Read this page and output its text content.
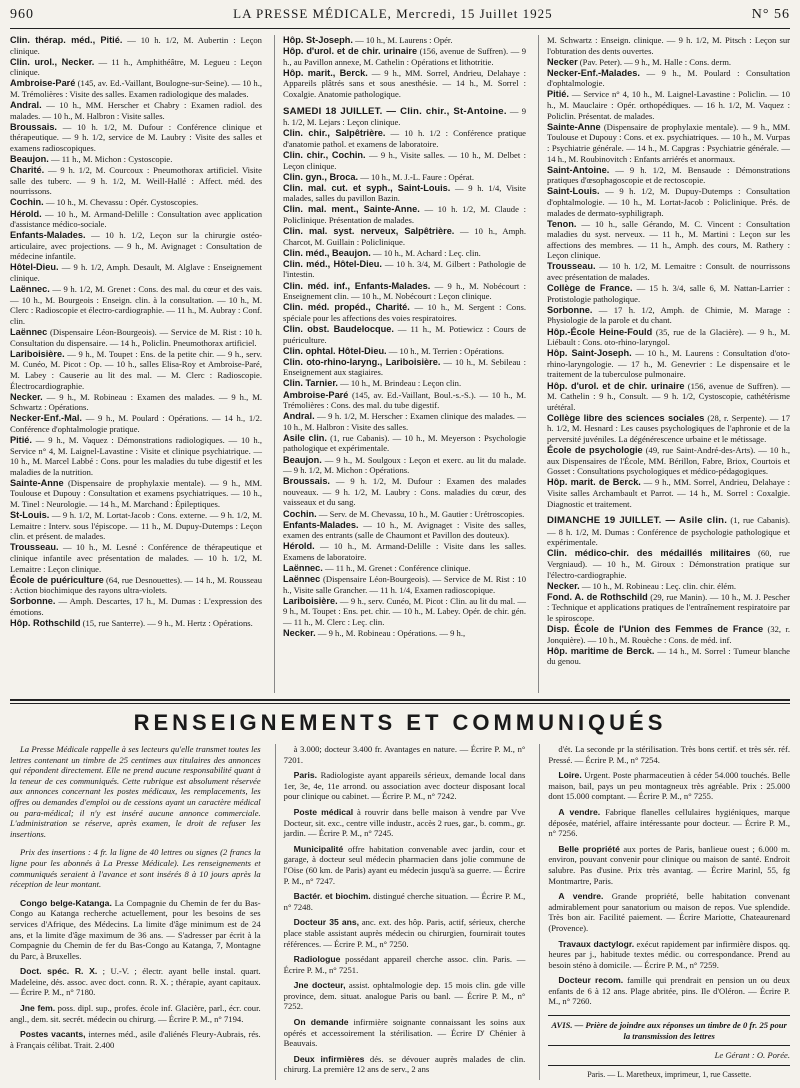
960	LA PRESSE MÉDICALE, Mercredi, 15 Juillet 1925	N° 56
Clin. thérap. méd., Pitié. — 10 h. 1/2, M. Aubertin : Leçon clinique.
Clin. urol., Necker. — 11 h., Amphithéâtre, M. Legueu : Leçon clinique.
Ambroise-Paré (145, av. Ed.-Vaillant, Boulogne-sur-Seine). — 10 h., M. Trémolières : Visite des salles. Examen radiologique des malades.
Andral. — 10 h., MM. Herscher et Chabry : Examen radiol. des malades. — 10 h., M. Halbron : Visite salles.
Broussais. — 10 h. 1/2, M. Dufour : Conférence clinique et thérapeutique. — 9 h. 1/2, service de M. Laubry : Visite des salles et examens radioscopiques.
Beaujon. — 11 h., M. Michon : Cystoscopie.
Charité. — 9 h. 1/2, M. Courcoux : Pneumothorax artificiel. Visite salle des tuberc. — 9 h. 1/2, M. Weill-Hallé : Affect. méd. des nourrissons.
Cochin. — 10 h., M. Chevassu : Opér. Cystoscopies.
Hérold. — 10 h., M. Armand-Delille : Consultation avec application d'assistance médico-sociale.
Enfants-Malades. — 10 h. 1/2, Leçon sur la chirurgie ostéo-articulaire, avec projections. — 9 h., M. Avignaget : Consultation de médecine infantile.
Hôtel-Dieu. — 9 h. 1/2, Amph. Desault, M. Alglave : Enseignement clinique.
Laënnec. — 9 h. 1/2, M. Grenet : Cons. des mal. du cœur et des vais. — 10 h., M. Bourgeois : Enseign. clin. à la consultation. — 10 h., M. Clerc : Radioscopie et électro-cardiographie. — 11 h., M. Aubray : Conf. clin.
Laënnec (Dispensaire Léon-Bourgeois). — Service de M. Rist : 10 h. Consultation du dispensaire. — 14 h., Policlin. Pneumothorax artificiel.
Lariboisière. — 9 h., M. Toupet : Ens. de la petite chir. — 9 h., serv. M. Cunéo, M. Picot : Op. — 10 h., salles Elisa-Roy et Ambroise-Paré, M. Labey : Causerie au lit des mal. — M. Clerc : Radioscopie. Électrocardiographie.
Necker. — 9 h., M. Robineau : Examen des malades. — 9 h., M. Schwartz : Opérations.
Necker-Enf.-Mal. — 9 h., M. Poulard : Opérations. — 14 h., 1/2. Conférence d'ophtalmologie pratique.
Pitié. — 9 h., M. Vaquez : Démonstrations radiologiques. — 10 h., Service n° 4, M. Laignel-Lavastine : Visite et clinique psychiatrique. — 10 h., M. Marcel Labbé : Cons. pour les maladies du tube digestif et les maladies de la nutrition.
Sainte-Anne (Dispensaire de prophylaxie mentale). — 9 h., MM. Toulouse et Dupouy : Consultation et examens psychiatriques. — 10 h., M. Tinel : Neurologie. — 14 h., M. Marchand : Épileptiques.
St-Louis. — 9 h. 1/2, M. Lortat-Jacob : Cons. externe. — 9 h. 1/2, M. Lemaitre : Interv. sous l'épiscope. — 11 h., M. Dupuy-Dutemps : Leçon clin. et présent. de malades.
Trousseau. — 10 h., M. Lesné : Conférence de thérapeutique et clinique infantile avec présentation de malades. — 10 h. 1/2, M. Lemaitre : Leçon clinique.
École de puériculture (64, rue Desnouettes). — 14 h., M. Rousseau : Action biochimique des rayons ultra-violets.
Sorbonne. — Amph. Descartes, 17 h., M. Dumas : L'expression des émotions.
Hôp. Rothschild (15, rue Santerre). — 9 h., M. Hertz : Opérations.
Hôp. St-Joseph. — 10 h., M. Laurens : Opér.
Hôp. d'urol. et de chir. urinaire (156, avenue de Suffren). — 9 h., au Pavillon annexe, M. Cathelin : Opérations et lithotritie.
Hôp. marit., Berck. — 9 h., MM. Sorrel, Andrieu, Delahaye : Appareils plâtrés sans et sous anesthésie. — 14 h., M. Sorrel : Coxalgie. Anatomie pathologique.
SAMEDI 18 JUILLET. — Clin. chir., St-Antoine. — 9 h. 1/2, M. Lejars : Leçon clinique.
Clin. chir., Salpêtrière. — 10 h. 1/2 : Conférence pratique d'anatomie pathol. et examens de laboratoire.
Clin. chir., Cochin. — 9 h., Visite salles. — 10 h., M. Delbet : Leçon clinique.
Clin. gyn., Broca. — 10 h., M. J.-L. Faure : Opérat.
Clin. mal. cut. et syph., Saint-Louis. — 9 h. 1/4, Visite malades, salles du pavillon Bazin.
Clin. mal. ment., Sainte-Anne. — 10 h. 1/2, M. Claude : Policlinique. Présentation de malades.
Clin. mal. syst. nerveux, Salpêtrière. — 10 h., Amph. Charcot, M. Guillain : Policlinique.
Clin. méd., Beaujon. — 10 h., M. Achard : Leç. clin.
Clin. méd., Hôtel-Dieu. — 10 h. 3/4, M. Gilbert : Pathologie de l'intestin.
Clin. méd. inf., Enfants-Malades. — 9 h., M. Nobécourt : Enseignement clin. — 10 h., M. Nobécourt : Leçon clinique.
Clin. méd. propéd., Charité. — 10 h., M. Sergent : Cons. spéciale pour les affections des voies respiratoires.
Clin. obst. Baudelocque. — 11 h., M. Potiewicz : Cours de puériculture.
Clin. ophtal. Hôtel-Dieu. — 10 h., M. Terrien : Opérations.
Clin. oto-rhino-laryng., Lariboisière. — 10 h., M. Sebileau : Enseignement aux stagiaires.
Clin. Tarnier. — 10 h., M. Brindeau : Leçon clin.
Ambroise-Paré (145, av. Ed.-Vaillant, Boul.-s.-S.). — 10 h., M. Trémolières : Cons. des mal. du tube digestif.
Andral. — 9 h. 1/2, M. Herscher : Examen clinique des malades. — 10 h., M. Halbron : Visite des salles.
Asile clin. (1, rue Cabanis). — 10 h., M. Meyerson : Psychologie pathologique et expérimentale.
Beaujon. — 9 h., M. Soulgoux : Leçon et exerc. au lit du malade. — 9 h. 1/2, M. Michon : Opérations.
Broussais. — 9 h. 1/2, M. Dufour : Examen des malades nouveaux. — 9 h. 1/2, M. Laubry : Cons. maladies du cœur, des vaisseaux et du sang.
Cochin. — Serv. de M. Chevassu, 10 h., M. Gautier : Urétroscopies.
Enfants-Malades. — 10 h., M. Avignaget : Visite des salles, examen des entrants (salle de Chaumont et Pavillon des douteux).
Hérold. — 10 h., M. Armand-Delille : Visite dans les salles. Examens de laboratoire.
Laënnec. — 11 h., M. Grenet : Conférence clinique.
Laënnec (Dispensaire Léon-Bourgeois). — Service de M. Rist : 10 h., Visite salle Grancher. — 11 h. 1/4, Examen radioscopique.
Lariboisière. — 9 h., serv. Cunéo, M. Picot : Clin. au lit du mal. — 9 h., M. Toupet : Ens. pet. chir. — 10 h., M. Labey. Opér. de chir. gén. — 11 h., M. Clerc : Leç. clin.
Necker. — 9 h., M. Robineau : Opérations. — 9 h.,
M. Schwartz : Enseign. clinique. — 9 h. 1/2, M. Pitsch : Leçon sur l'obturation des dents ouvertes.
Necker (Pav. Peter). — 9 h., M. Halle : Cons. derm.
Necker-Enf.-Malades. — 9 h., M. Poulard : Consultation d'ophtalmologie.
Pitié. — Service n° 4, 10 h., M. Laignel-Lavastine : Policlin. — 10 h., M. Mauclaire : Opér. orthopédiques. — 16 h. 1/2, M. Vaquez : Policlin. Présentat. de malades.
Sainte-Anne (Dispensaire de prophylaxie mentale). — 9 h., MM. Toulouse et Dupouy : Cons. et ex. psychiatriques. — 10 h., M. Vurpas : Psychiatrie générale. — 14 h., M. Capgras : Psychiatrie générale. — 14 h., M. Roubinovitch : Enfants arriérés et anormaux.
Saint-Antoine. — 9 h. 1/2, M. Bensaude : Démonstrations pratiques d'œsophagoscopie et de rectoscopie.
Saint-Louis. — 9 h. 1/2, M. Dupuy-Dutemps : Consultation d'ophtalmologie. — 10 h., M. Lortat-Jacob : Policlinique. Prés. de malades de dermato-syphiligraph.
Tenon. — 10 h., salle Gérando, M. C. Vincent : Consultation maladies du syst. nerveux. — 11 h., M. Martini : Leçon sur les affections des membres. — 11 h., Amph. des cours, M. Rathery : Leçon clinique.
Trousseau. — 10 h. 1/2, M. Lemaitre : Consult. de nourrissons avec présentation de malades.
Collège de France. — 15 h. 3/4, salle 6, M. Nattan-Larrier : Protistologie pathologique.
Sorbonne. — 17 h. 1/2, Amph. de Chimie, M. Marage : Physiologie de la parole et du chant.
Hôp.-École Heine-Fould (35, rue de la Glacière). — 9 h., M. Liébault : Cons. oto-rhino-laryngol.
Hôp. Saint-Joseph. — 10 h., M. Laurens : Consultation d'oto-rhino-laryngologie. — 17 h., M. Genevrier : Le dispensaire et le traitement de la tuberculose pulmonaire.
Hôp. d'urol. et de chir. urinaire (156, avenue de Suffren). — M. Cathelin : 9 h., Consult. — 9 h. 1/2, Cystoscopie, cathétérisme urétéral.
Collège libre des sciences sociales (28, r. Serpente). — 17 h. 1/2, M. Hesnard : Les causes psychologiques de l'aphronie et de la perversité juvéniles. La dégénérescence urbaine et le métissage.
École de psychologie (49, rue Saint-André-des-Arts). — 10 h., aux Dispensaires de l'École, MM. Bérillon, Fabre, Briox, Courtois et Gosset : Consultations psychologiques et médico-pédagogiques.
Hôp. marit. de Berck. — 9 h., MM. Sorrel, Andrieu, Delahaye : Visite salles Archambault et Parrot. — 14 h., M. Sorrel : Coxalgie. Diagnostic et traitement.
DIMANCHE 19 JUILLET. — Asile clin. (1, rue Cabanis). — 8 h. 1/2, M. Dumas : Conférence de psychologie pathologique et expérimentale.
Clin. médico-chir. des médaillés militaires (60, rue Vergniaud). — 10 h., M. Giroux : Démonstration pratique sur l'électro-cardiographie.
Necker. — 10 h., M. Robineau : Leç. clin. chir. élém.
Fond. A. de Rothschild (29, rue Manin). — 10 h., M. J. Pescher : Technique et applications pratiques de l'entraînement respiratoire par le spiroscope.
Disp. École de l'Union des Femmes de France (32, r. Jonquière). — 10 h., M. Rouèche : Cons. de méd. inf.
Hôp. maritime de Berck. — 14 h., M. Sorrel : Tumeur blanche du genou.
RENSEIGNEMENTS ET COMMUNIQUÉS
La Presse Médicale rappelle à ses lecteurs qu'elle transmet toutes les lettres contenant un timbre de 25 centimes aux titulaires des annonces qui répondent directement. Elle ne prend aucune responsabilité quant à la teneur de ces communiqués. Cette rubrique est absolument réservée aux annonces concernant les postes médicaux, les remplacements, les offres ou demandes d'emploi ou de cessions ayant un caractère médical ou para-médical; il n'y est inséré aucune annonce commerciale. L'administration se réserve, après examen, le droit de refuser les insertions.
Prix des insertions : 4 fr. la ligne de 40 lettres ou signes (2 francs la ligne pour les abonnés à La Presse Médicale). Les renseignements et communiqués seraient à l'avance et sont insérés 8 à 10 jours après la réception de leur montant.
Congo belge-Katanga. La Compagnie du Chemin de fer du Bas-Congo au Katanga recherche actuellement, pour les besoins de ses services d'Afrique, des Médecins. La limite d'âge minimum est de 24 ans, et la limite d'âge maximum de 36 ans. — S'adresser par écrit à la Compagnie du Chemin de fer du Bas-Congo au Katanga, 7, Montagne du Parc, à Bruxelles.
Doct. spéc. R. X. ; U.-V. ; électr. ayant belle instal. quart. Madeleine, dés. assoc. avec doct. conn. R. X. ; thérapie, ayant capitaux. — Écrire P. M., n° 7180.
Jne fem. poss. dipl. sup., profes. école inf. Glacière, parl., écr. cour. angl., dem. sit. secrét. médecin ou chirurg. — Écrire P. M., n° 7194.
Postes vacants, internes méd., asile d'aliénés Fleury-Aubrais, rés. à Français célibat. Trait. 2.400
à 3.000; docteur 3.400 fr. Avantages en nature. — Écrire P. M., n° 7201.
Paris. Radiologiste ayant appareils sérieux, demande local dans 1er, 3e, 4e, 11e arrond. ou association avec docteur disposant local pour clinique ou cabinet. — Écrire P. M., n° 7242.
Poste médical à rouvrir dans belle maison à vendre par Vve Docteur, sit. exc., centre ville industr., accès 2 rues, gar., b. comm., gr. jardin. — Écrire P. M., n° 7245.
Municipalité offre habitation convenable avec jardin, cour et garage, à docteur seul médecin pharmacien dans jolie commune de l'Oise (60 km. de Paris) ayant eu médecin jusqu'à sa guerre. — Écrire P. M., n° 7247.
Bactér. et biochim. distingué cherche situation. — Écrire P. M., n° 7248.
Docteur 35 ans, anc. ext. des hôp. Paris, actif, sérieux, cherche place stable assistant auprès médecin ou chirurgien, fournirait toutes références. — Écrire P. M., n° 7250.
Radiologue possédant appareil cherche assoc. clin. Paris. — Écrire P. M., n° 7251.
Jne docteur, assist. ophtalmologie dep. 15 mois clin. gde ville province, dem. situat. analogue Paris ou banl. — Écrire P. M., n° 7252.
On demande infirmière soignante connaissant les soins aux opérés et accessoirement la stérilisation. — Écrire D' Chénier à Beauvais.
Deux infirmières dés. se dévouer auprès malades de clin. chirurg. La première 12 ans de serv., 2 ans
d'ét. La seconde pr la stérilisation. Très bons certif. et très sér. réf. Pressé. — Écrire P. M., n° 7254.
Loire. Urgent. Poste pharmaceutien à céder 54.000 touchés. Belle maison, bail, pays un peu montagneux très agréable. Prix : 25.000 dont 15.000 comptant. — Écrire P. M., n° 7255.
A vendre. Fabrique flanelles cellulaires hygiéniques, marque déposée, matériel, affaire intéressante pour docteur. — Écrire P. M., n° 7256.
Belle propriété aux portes de Paris, banlieue ouest ; 6.000 m. environ, pouvant convenir pour clinique ou maison de santé. Endroit salubre. Pas d'usine. Prix très avantag. — Écrire Marinl, 55, fg Montmartre, Paris.
A vendre. Grande propriété, belle habitation convenant admirablement pour sanatorium ou maison de repos. Vue splendide. Très bon air. Facilité paiement. — Écrire Mariotte, Chateaurenard (Provence).
Travaux dactylogr. exécut rapidement par infirmière dispos. qq. heures par j., habitude textes médic. ou correspondance. Prend au besoin sténo à domicile. — Écrire P. M., n° 7259.
Docteur recom. famille qui prendrait en pension un ou deux enfants de 6 à 12 ans. Plage abritée, pins. Ile d'Oléron. — Écrire P. M., n° 7260.
AVIS. — Prière de joindre aux réponses un timbre de 0 fr. 25 pour la transmission des lettres
Le Gérant : O. Porée.
Paris. — L. Maretheux, imprimeur, 1, rue Cassette.
